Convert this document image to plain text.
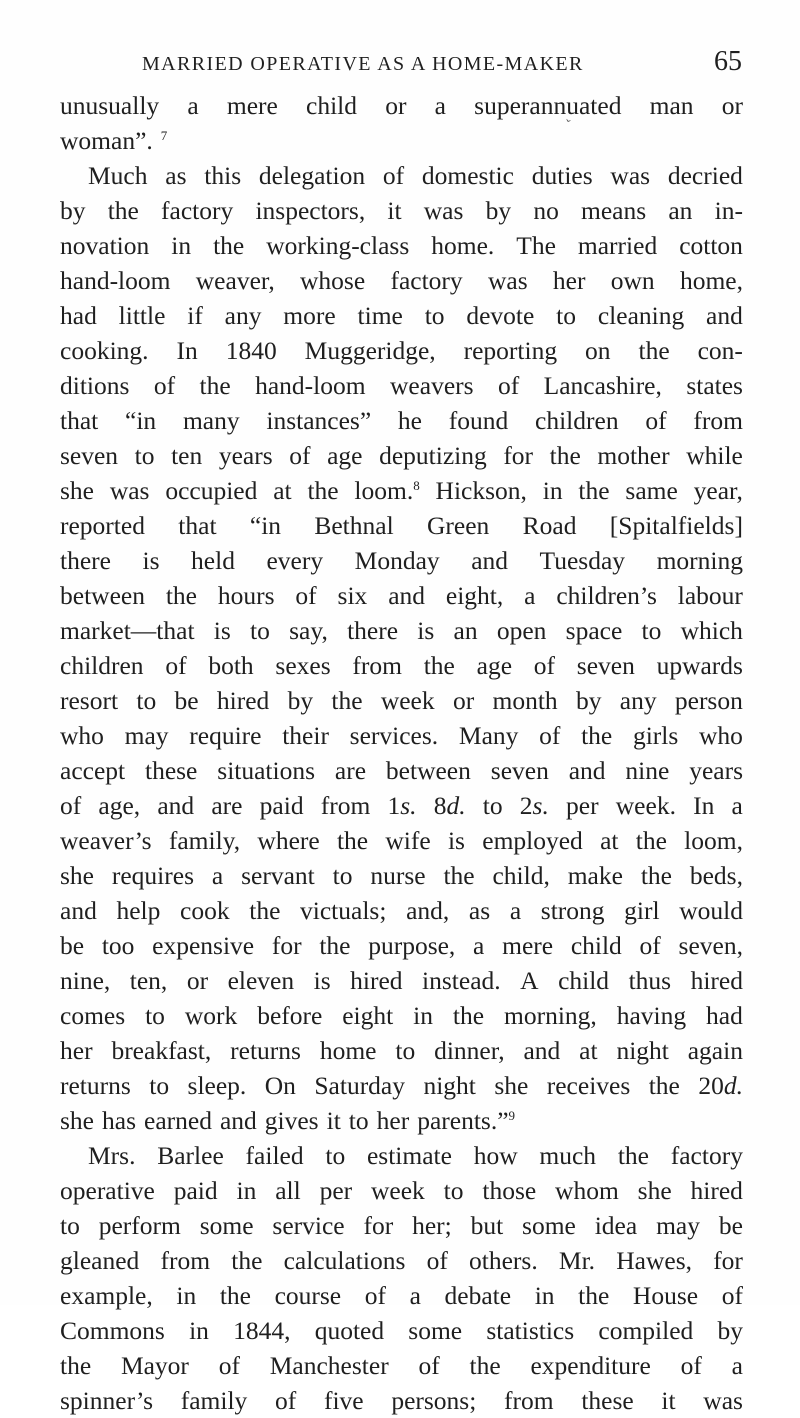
MARRIED OPERATIVE AS A HOME-MAKER	65
ˇ
unusually a mere child or a superannuated man or
woman”. $^7$
Much as this delegation of domestic duties was decried
by the factory inspectors, it was by no means an in-
novation in the working-class home. The married cotton
hand-loom weaver, whose factory was her own home,
had little if any more time to devote to cleaning and
cooking. In 1840 Muggeridge, reporting on the con-
ditions of the hand-loom weavers of Lancashire, states
that “in many instances” he found children of from
seven to ten years of age deputizing for the mother while
she was occupied at the loom.$^8$ Hickson, in the same year,
reported that “in Bethnal Green Road [Spitalfields]
there is held every Monday and Tuesday morning
between the hours of six and eight, a children’s labour
market—that is to say, there is an open space to which
children of both sexes from the age of seven upwards
resort to be hired by the week or month by any person
who may require their services. Many of the girls who
accept these situations are between seven and nine years
of age, and are paid from 1s. 8d. to 2s. per week. In a
weaver’s family, where the wife is employed at the loom,
she requires a servant to nurse the child, make the beds,
and help cook the victuals; and, as a strong girl would
be too expensive for the purpose, a mere child of seven,
nine, ten, or eleven is hired instead. A child thus hired
comes to work before eight in the morning, having had
her breakfast, returns home to dinner, and at night again
returns to sleep. On Saturday night she receives the 20d.
she has earned and gives it to her parents.”$^9$
Mrs. Barlee failed to estimate how much the factory
operative paid in all per week to those whom she hired
to perform some service for her; but some idea may be
gleaned from the calculations of others. Mr. Hawes, for
example, in the course of a debate in the House of
Commons in 1844, quoted some statistics compiled by
the Mayor of Manchester of the expenditure of a
spinner’s family of five persons; from these it was
